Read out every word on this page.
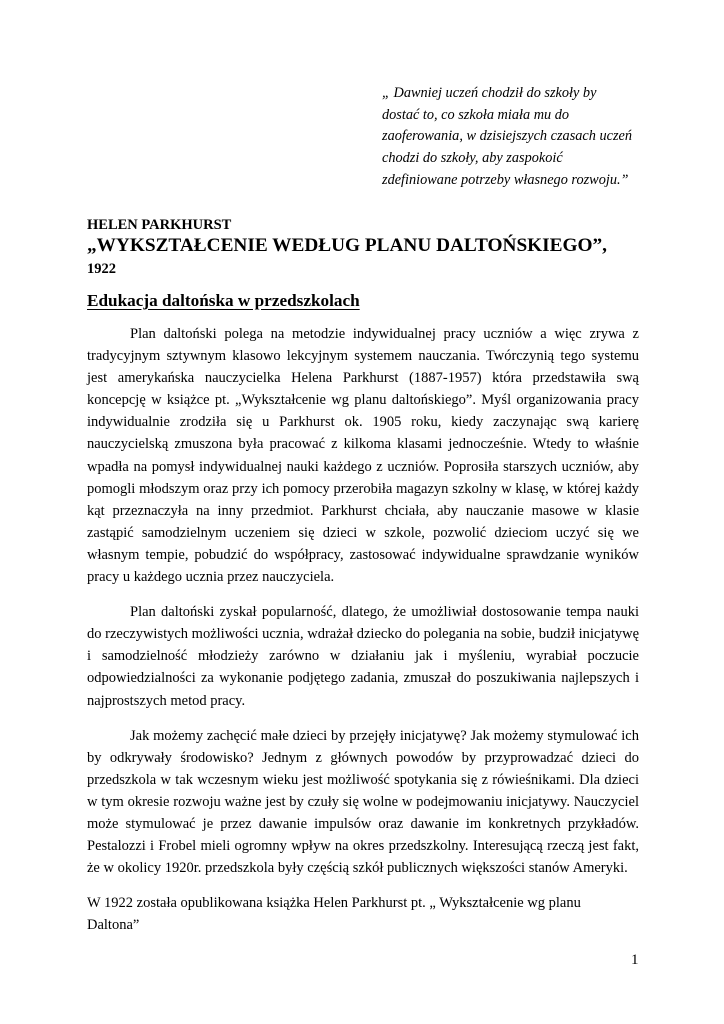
„ Dawniej uczeń chodził do szkoły by
dostać to, co szkoła miała mu do
zaoferowania, w dzisiejszych czasach uczeń
chodzi do szkoły, aby zaspokoić
zdefiniowane potrzeby własnego rozwoju.”
HELEN PARKHURST
„WYKSZTAŁCENIE WEDŁUG PLANU DALTOŃSKIEGO”,
1922
Edukacja daltońska w przedszkolach

Plan daltoński polega na metodzie indywidualnej pracy uczniów a więc zrywa z tradycyjnym sztywnym klasowo lekcyjnym systemem nauczania. Twórczynią tego systemu jest amerykańska nauczycielka Helena Parkhurst (1887-1957) która przedstawiła swą koncepcję w książce pt. „Wykształcenie wg planu daltońskiego”. Myśl organizowania pracy indywidualnie zrodziła się u Parkhurst ok. 1905 roku, kiedy zaczynając swą karierę nauczycielską zmuszona była pracować z kilkoma klasami jednocześnie. Wtedy to właśnie wpadła na pomysł indywidualnej nauki każdego z uczniów. Poprosiła starszych uczniów, aby pomogli młodszym oraz przy ich pomocy przerobiła magazyn szkolny w klasę, w której każdy kąt przeznaczyła na inny przedmiot. Parkhurst chciała, aby nauczanie masowe w klasie zastąpić samodzielnym uczeniem się dzieci w szkole, pozwolić dzieciom uczyć się we własnym tempie, pobudzić do współpracy, zastosować indywidualne sprawdzanie wyników pracy u każdego ucznia przez nauczyciela.

Plan daltoński zyskał popularność, dlatego, że umożliwiał dostosowanie tempa nauki do rzeczywistych możliwości ucznia, wdrażał dziecko do polegania na sobie, budził inicjatywę i samodzielność młodzieży zarówno w działaniu jak i myśleniu, wyrabiał poczucie odpowiedzialności za wykonanie podjętego zadania, zmuszał do poszukiwania najlepszych i najprostszych metod pracy.

Jak możemy zachęcić małe dzieci by przejęły inicjatywę? Jak możemy stymulować ich by odkrywały środowisko? Jednym z głównych powodów by przyprowadzać dzieci do przedszkola w tak wczesnym wieku jest możliwość spotykania się z rówieśnikami. Dla dzieci w tym okresie rozwoju ważne jest by czuły się wolne w podejmowaniu inicjatywy. Nauczyciel może stymulować je przez dawanie impulsów oraz dawanie im konkretnych przykładów. Pestalozzi i Frobel mieli ogromny wpływ na okres przedszkolny. Interesującą rzeczą jest fakt, że w okolicy 1920r. przedszkola były częścią szkół publicznych większości stanów Ameryki.

W 1922 została opublikowana książka Helen Parkhurst pt. „ Wykształcenie wg planu
Daltona”

1
